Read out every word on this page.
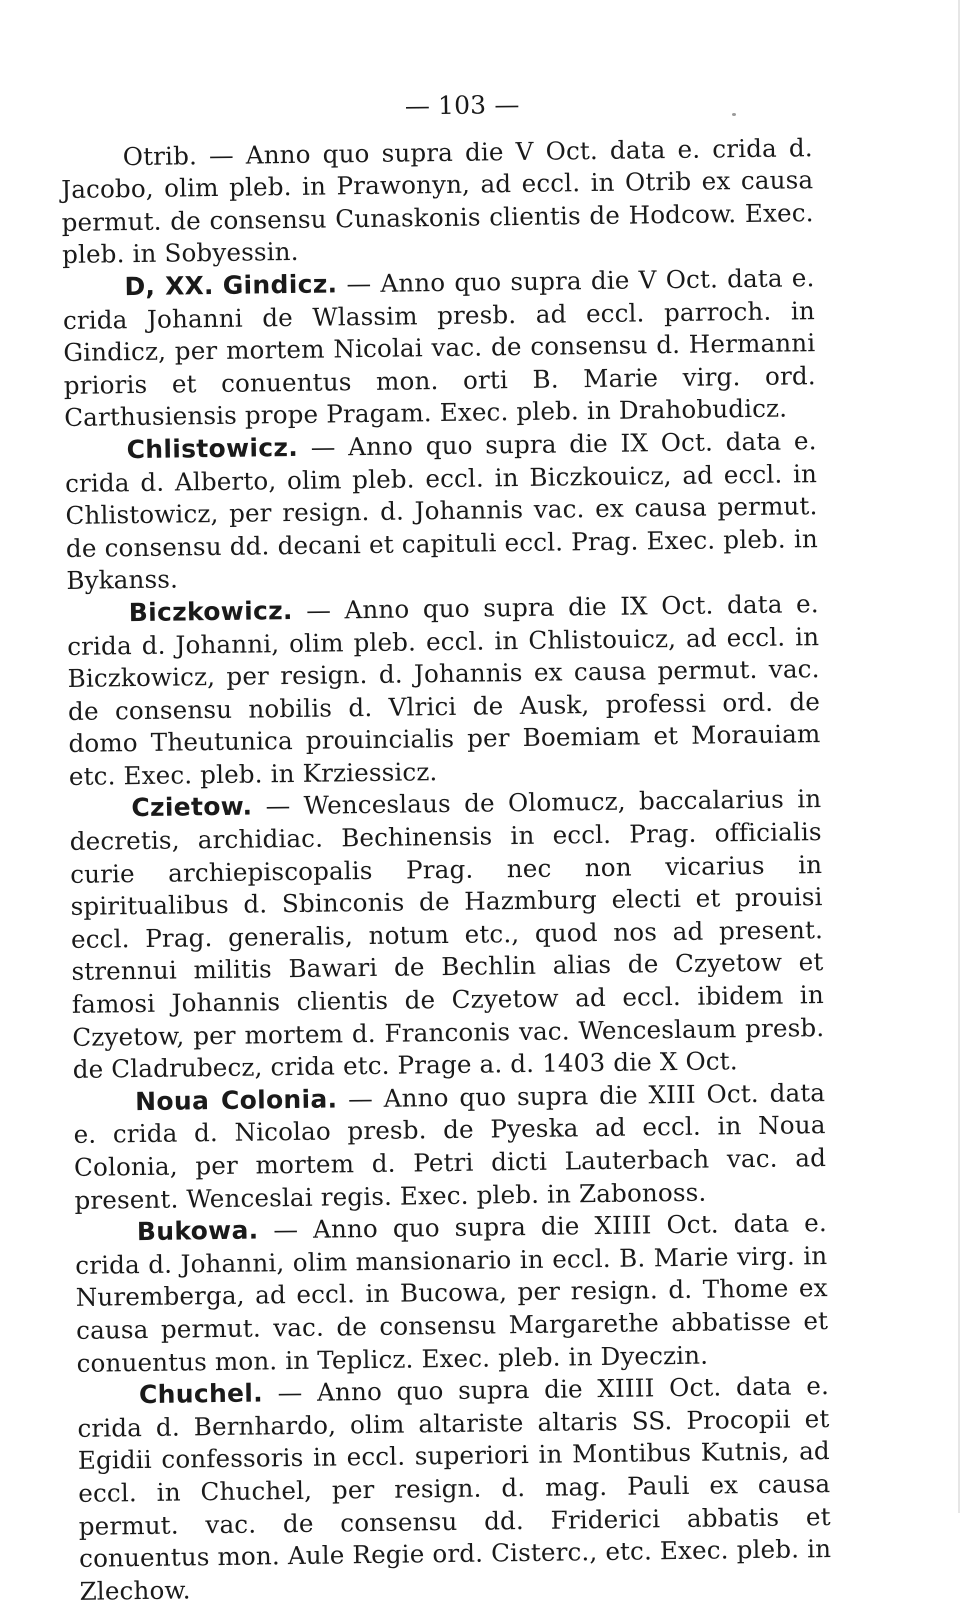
— 103 —

Otrib. — Anno quo supra die V Oct. data e. crida d. Jacobo, olim pleb. in Prawonyn, ad eccl. in Otrib ex causa permut. de consensu Cunaskonis clientis de Hodcow. Exec. pleb. in Sobyessin.

D, XX. Gindicz. — Anno quo supra die V Oct. data e. crida Johanni de Wlassim presb. ad eccl. parroch. in Gindicz, per mortem Nicolai vac. de consensu d. Hermanni prioris et conuentus mon. orti B. Marie virg. ord. Carthusiensis prope Pragam. Exec. pleb. in Drahobudicz.

Chlistowicz. — Anno quo supra die IX Oct. data e. crida d. Alberto, olim pleb. eccl. in Biczkouicz, ad eccl. in Chlistowicz, per resign. d. Johannis vac. ex causa permut. de consensu dd. decani et capituli eccl. Prag. Exec. pleb. in Bykanss.

Biczkowicz. — Anno quo supra die IX Oct. data e. crida d. Johanni, olim pleb. eccl. in Chlistouicz, ad eccl. in Biczkowicz, per resign. d. Johannis ex causa permut. vac. de consensu nobilis d. Vlrici de Ausk, professi ord. de domo Theutunica prouincialis per Boemiam et Morauiam etc. Exec. pleb. in Krziessicz.

Czietow. — Wenceslaus de Olomucz, baccalarius in decretis, archidiac. Bechinensis in eccl. Prag. officialis curie archiepiscopalis Prag. nec non vicarius in spiritualibus d. Sbinconis de Hazmburg electi et prouisi eccl. Prag. generalis, notum etc., quod nos ad present. strennui militis Bawari de Bechlin alias de Czyetow et famosi Johannis clientis de Czyetow ad eccl. ibidem in Czyetow, per mortem d. Franconis vac. Wenceslaum presb. de Cladrubecz, crida etc. Prage a. d. 1403 die X Oct.

Noua Colonia. — Anno quo supra die XIII Oct. data e. crida d. Nicolao presb. de Pyeska ad eccl. in Noua Colonia, per mortem d. Petri dicti Lauterbach vac. ad present. Wenceslai regis. Exec. pleb. in Zabonoss.

Bukowa. — Anno quo supra die XIIII Oct. data e. crida d. Johanni, olim mansionario in eccl. B. Marie virg. in Nuremberga, ad eccl. in Bucowa, per resign. d. Thome ex causa permut. vac. de consensu Margarethe abbatisse et conuentus mon. in Teplicz. Exec. pleb. in Dyeczin.

Chuchel. — Anno quo supra die XIIII Oct. data e. crida d. Bernhardo, olim altariste altaris SS. Procopii et Egidii confessoris in eccl. superiori in Montibus Kutnis, ad eccl. in Chuchel, per resign. d. mag. Pauli ex causa permut. vac. de consensu dd. Friderici abbatis et conuentus mon. Aule Regie ord. Cisterc., etc. Exec. pleb. in Zlechow.
